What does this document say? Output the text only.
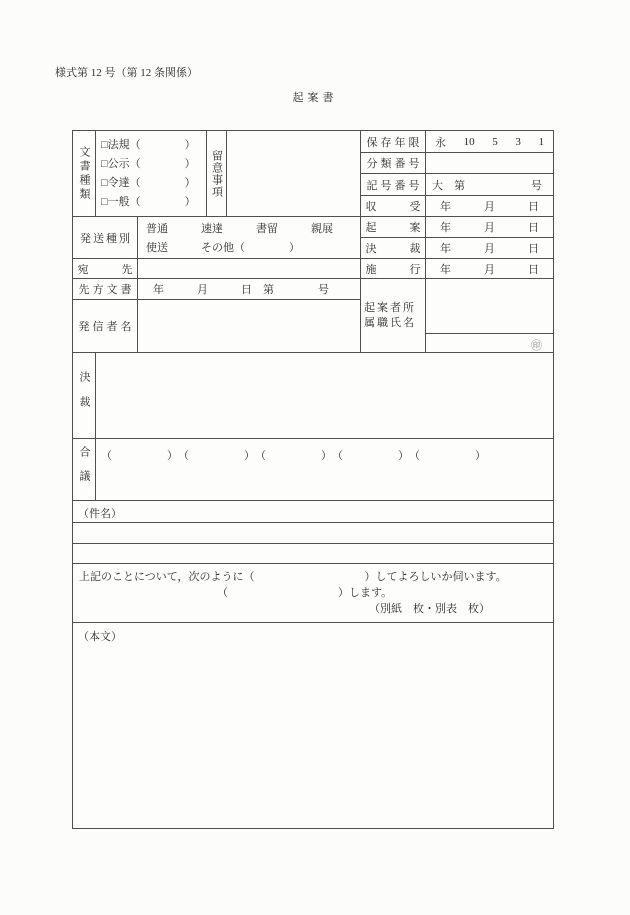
様式第 12 号（第 12 条関係）
起案書
文書種類
□法規（　　　　）
□公示（　　　　）
□令達（　　　　）
□一般（　　　　）
留意事項
保存年限	永 10 5 3 1
分類番号
記号番号 大　第　　　　　　号
収　　　受	年　　　月　　　日
起　　　案	年　　　月　　　日
決　　　裁	年　　　月　　　日
施　　　行	年　　　月　　　日
起案者所
属職氏名
㊞
発送種別
普通　　　速達　　　書留　　　親展
使送　　　その他（　　　　）
宛　　　先
先方文書	年　　　月　　　日　第　　　　号
発信者名
決裁
合議	（　　　　　）　（　　　　　）　（　　　　　）　（　　　　　）　（　　　　　）
（件名）
上記のことについて，次のように（　　　　　　　　　　）してよろしいか伺います。
（　　　　　　　　　　）します。
（別紙　枚・別表　枚）
（本文）
